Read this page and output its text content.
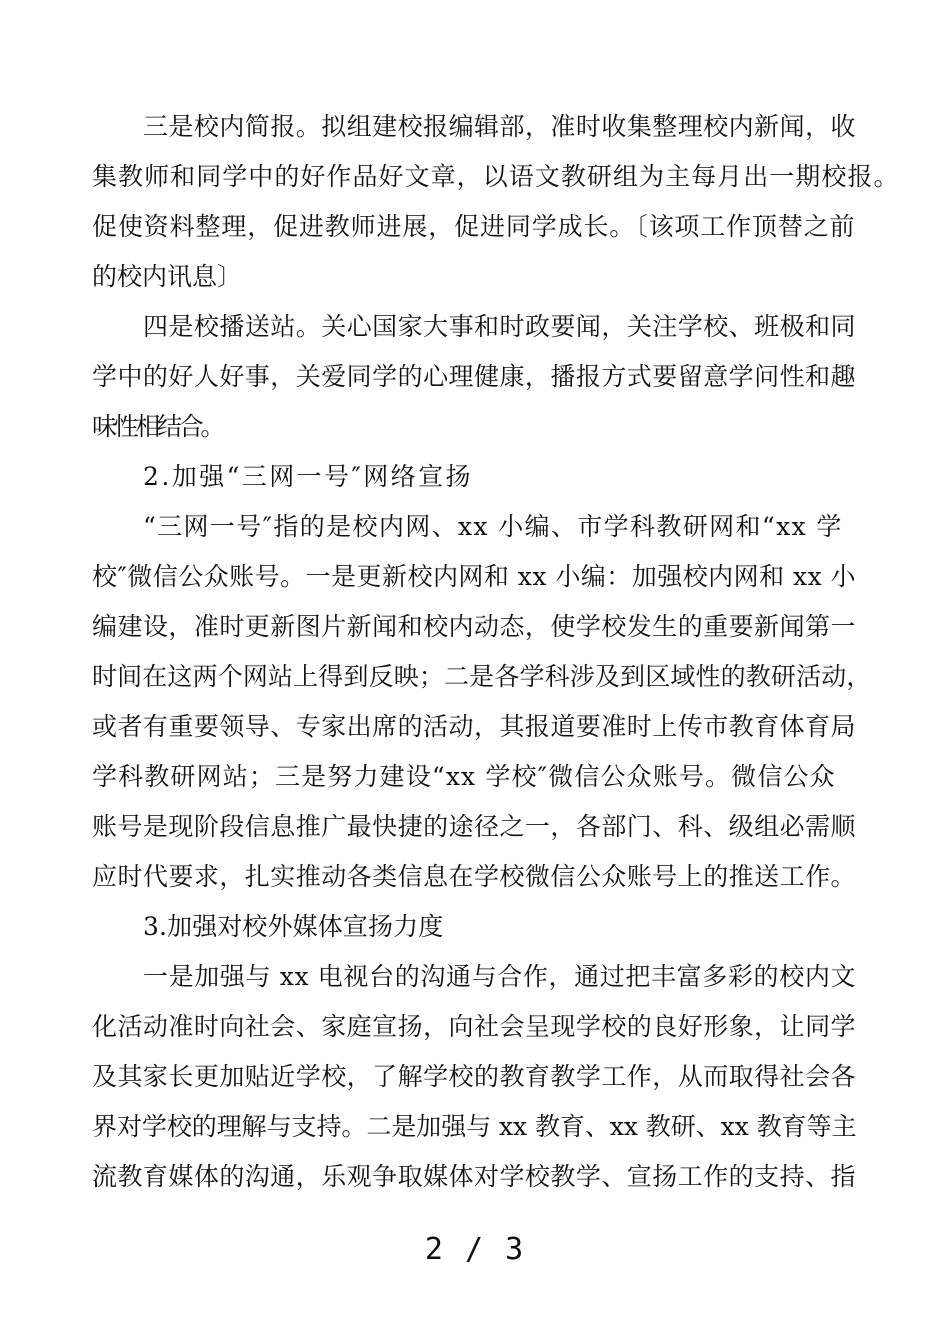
三是校内简报。拟组建校报编辑部，准时收集整理校内新闻，收
集教师和同学中的好作品好文章，以语文教研组为主每月出一期校报。
促使资料整理，促进教师进展，促进同学成长。〔该项工作顶替之前
的校内讯息〕
四是校播送站。关心国家大事和时政要闻，关注学校、班极和同
学中的好人好事，关爱同学的心理健康，播报方式要留意学问性和趣
味性相结合。
2.加强“三网一号″网络宣扬
“三网一号″指的是校内网、xx 小编、市学科教研网和“xx 学
校″微信公众账号。一是更新校内网和 xx 小编：加强校内网和 xx 小
编建设，准时更新图片新闻和校内动态，使学校发生的重要新闻第一
时间在这两个网站上得到反映；二是各学科涉及到区域性的教研活动，
或者有重要领导、专家出席的活动，其报道要准时上传市教育体育局
学科教研网站；三是努力建设“xx 学校″微信公众账号。微信公众
账号是现阶段信息推广最快捷的途径之一，各部门、科、级组必需顺
应时代要求，扎实推动各类信息在学校微信公众账号上的推送工作。
3.加强对校外媒体宣扬力度
一是加强与 xx 电视台的沟通与合作，通过把丰富多彩的校内文
化活动准时向社会、家庭宣扬，向社会呈现学校的良好形象，让同学
及其家长更加贴近学校，了解学校的教育教学工作，从而取得社会各
界对学校的理解与支持。二是加强与 xx 教育、xx 教研、xx 教育等主
流教育媒体的沟通，乐观争取媒体对学校教学、宣扬工作的支持、指
2 / 3
